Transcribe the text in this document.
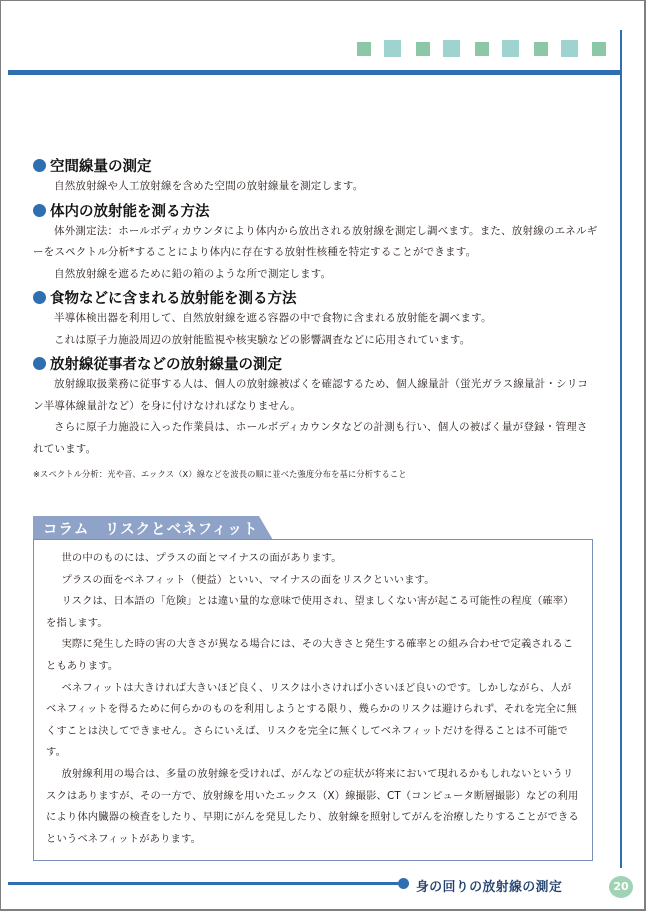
空間線量の測定

自然放射線や人工放射線を含めた空間の放射線量を測定します。

体内の放射能を測る方法

体外測定法：ホールボディカウンタにより体内から放出される放射線を測定し調べます。また、放射線のエネルギーをスペクトル分析*することにより体内に存在する放射性核種を特定することができます。

自然放射線を遮るために鉛の箱のような所で測定します。

食物などに含まれる放射能を測る方法

半導体検出器を利用して、自然放射線を遮る容器の中で食物に含まれる放射能を調べます。

これは原子力施設周辺の放射能監視や核実験などの影響調査などに応用されています。

放射線従事者などの放射線量の測定

放射線取扱業務に従事する人は、個人の放射線被ばくを確認するため、個人線量計（蛍光ガラス線量計・シリコン半導体線量計など）を身に付けなければなりません。

さらに原子力施設に入った作業員は、ホールボディカウンタなどの計測も行い、個人の被ばく量が登録・管理されています。

※スペクトル分析：光や音、エックス（X）線などを波長の順に並べた強度分布を基に分析すること
コラム　リスクとベネフィット

世の中のものには、プラスの面とマイナスの面があります。

プラスの面をベネフィット（便益）といい、マイナスの面をリスクといいます。

リスクは、日本語の「危険」とは違い量的な意味で使用され、望ましくない害が起こる可能性の程度（確率）を指します。

実際に発生した時の害の大きさが異なる場合には、その大きさと発生する確率との組み合わせで定義されることもあります。

ベネフィットは大きければ大きいほど良く、リスクは小さければ小さいほど良いのです。しかしながら、人がベネフィットを得るために何らかのものを利用しようとする限り、幾らかのリスクは避けられず、それを完全に無くすことは決してできません。さらにいえば、リスクを完全に無くしてベネフィットだけを得ることは不可能です。

放射線利用の場合は、多量の放射線を受ければ、がんなどの症状が将来において現れるかもしれないというリスクはありますが、その一方で、放射線を用いたエックス（X）線撮影、CT（コンピュータ断層撮影）などの利用により体内臓器の検査をしたり、早期にがんを発見したり、放射線を照射してがんを治療したりすることができるというベネフィットがあります。

身の回りの放射線の測定	20
